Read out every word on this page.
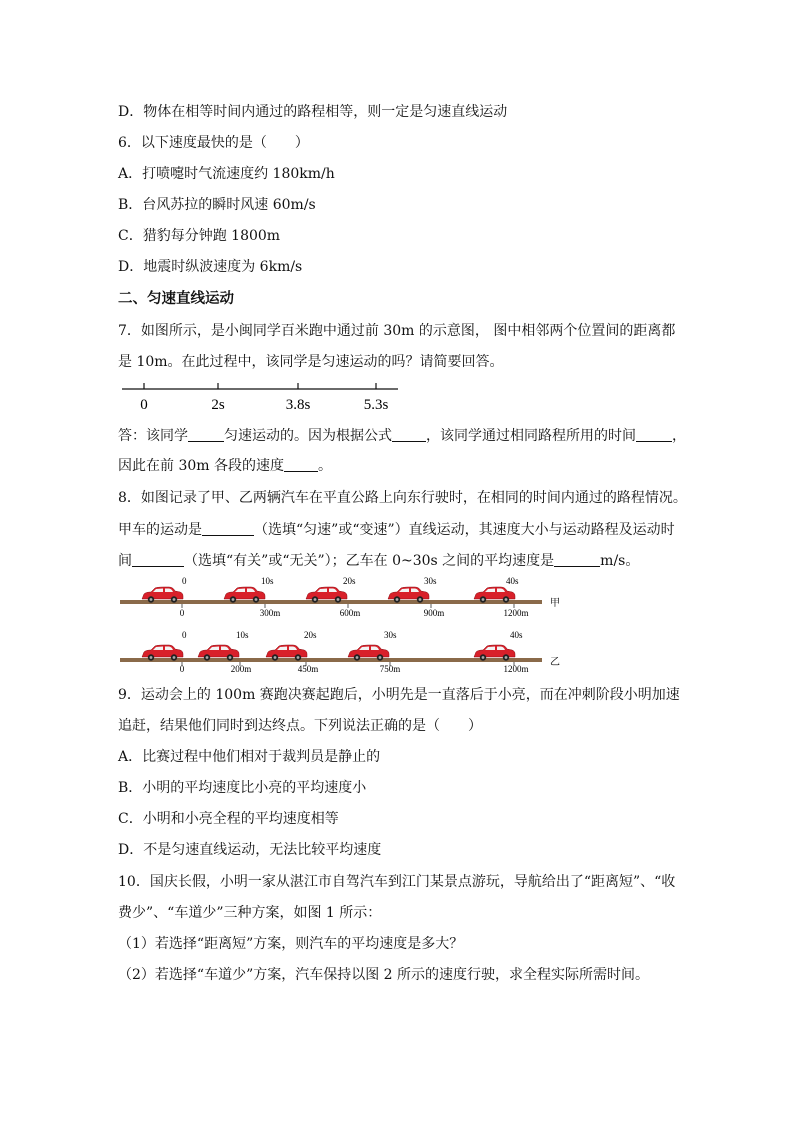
D．物体在相等时间内通过的路程相等，则一定是匀速直线运动
6．以下速度最快的是（　　）
A．打喷嚏时气流速度约 180km/h
B．台风苏拉的瞬时风速 60m/s
C．猎豹每分钟跑 1800m
D．地震时纵波速度为 6km/s
二、匀速直线运动
7．如图所示，是小闽同学百米跑中通过前 30m 的示意图， 图中相邻两个位置间的距离都
是 10m。在此过程中，该同学是匀速运动的吗？请简要回答。
0	2s	3.8s	5.3s
答：该同学	匀速运动的。因为根据公式 ，该同学通过相同路程所用的时间	，
因此在前 30m 各段的速度 。
8．如图记录了甲、乙两辆汽车在平直公路上向东行驶时，在相同的时间内通过的路程情况。
甲车的运动是	（选填“匀速”或“变速”）直线运动，其速度大小与运动路程及运动时
间	（选填“有关”或“无关”）；乙车在 0~30s 之间的平均速度是	m/s。
0	10s	20s	30s	40s
0	300m	600m	900m	1200m
甲
0	10s	20s	30s	40s
0	200m	450m	750m	1200m
乙
9．运动会上的 100m 赛跑决赛起跑后，小明先是一直落后于小亮，而在冲刺阶段小明加速
追赶，结果他们同时到达终点。下列说法正确的是（　　）
A．比赛过程中他们相对于裁判员是静止的
B．小明的平均速度比小亮的平均速度小
C．小明和小亮全程的平均速度相等
D．不是匀速直线运动，无法比较平均速度
10．国庆长假，小明一家从湛江市自驾汽车到江门某景点游玩，导航给出了“距离短”、“收
费少”、“车道少”三种方案，如图 1 所示：
（1）若选择“距离短”方案，则汽车的平均速度是多大？
（2）若选择“车道少”方案，汽车保持以图 2 所示的速度行驶，求全程实际所需时间。
